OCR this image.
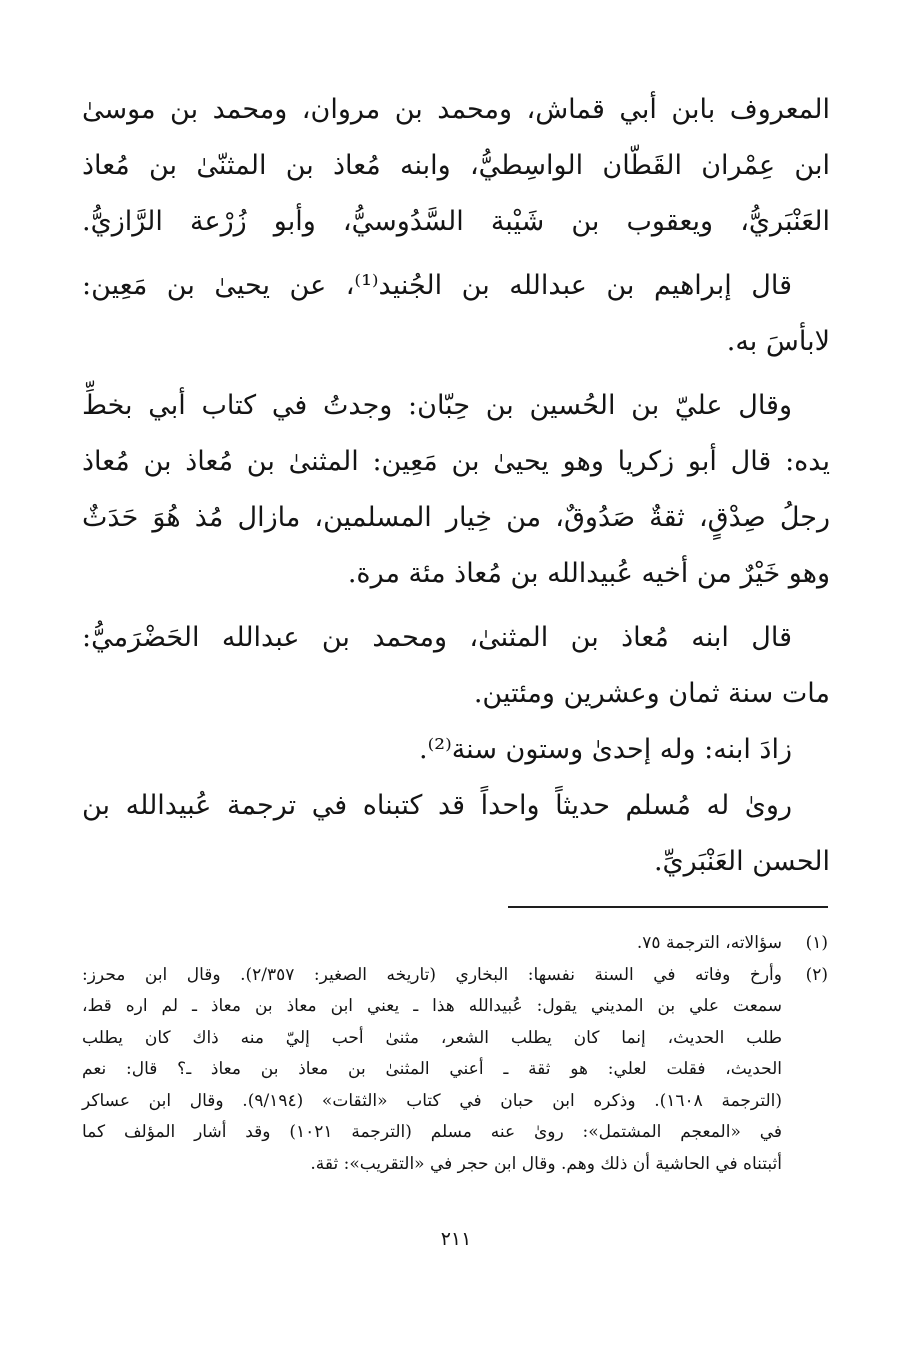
المعروف بابن أبي قماش، ومحمد بن مروان، ومحمد بن موسىٰ
ابن عِمْران القَطّان الواسِطيُّ، وابنه مُعاذ بن المثنّىٰ بن مُعاذ
العَنْبَريُّ، ويعقوب بن شَيْبة السَّدُوسيُّ، وأبو زُرْعة الرَّازيُّ.
قال إبراهيم بن عبدالله بن الجُنيد⁽¹⁾، عن يحيىٰ بن مَعِين:
لابأسَ به.
وقال عليّ بن الحُسين بن حِبّان: وجدتُ في كتاب أبي بخطِّ
يده: قال أبو زكريا وهو يحيىٰ بن مَعِين: المثنىٰ بن مُعاذ بن مُعاذ
رجلُ صِدْقٍ، ثقةٌ صَدُوقٌ، من خِيار المسلمين، مازال مُذ هُوَ حَدَثٌ
وهو خَيْرٌ من أخيه عُبيدالله بن مُعاذ مئة مرة.
قال ابنه مُعاذ بن المثنىٰ، ومحمد بن عبدالله الحَضْرَميُّ:
مات سنة ثمان وعشرين ومئتين.
زادَ ابنه: وله إحدىٰ وستون سنة⁽²⁾.
روىٰ له مُسلم حديثاً واحداً قد كتبناه في ترجمة عُبيدالله بن
الحسن العَنْبَريِّ.
(١)
سؤالاته، الترجمة ٧٥.
(٢)
وأرخ وفاته في السنة نفسها: البخاري (تاريخه الصغير: ٢/٣٥٧). وقال ابن محرز:
سمعت علي بن المديني يقول: عُبيدالله هذا ـ يعني ابن معاذ بن معاذ ـ لم اره قط،
طلب الحديث، إنما كان يطلب الشعر، مثنىٰ أحب إليّ منه ذاك كان يطلب
الحديث، فقلت لعلي: هو ثقة ـ أعني المثنىٰ بن معاذ بن معاذ ـ؟ قال: نعم
(الترجمة ١٦٠٨). وذكره ابن حبان في كتاب «الثقات» (٩/١٩٤). وقال ابن عساكر
في «المعجم المشتمل»: روىٰ عنه مسلم (الترجمة ١٠٢١) وقد أشار المؤلف كما
أثبتناه في الحاشية أن ذلك وهم. وقال ابن حجر في «التقريب»: ثقة.
٢١١
